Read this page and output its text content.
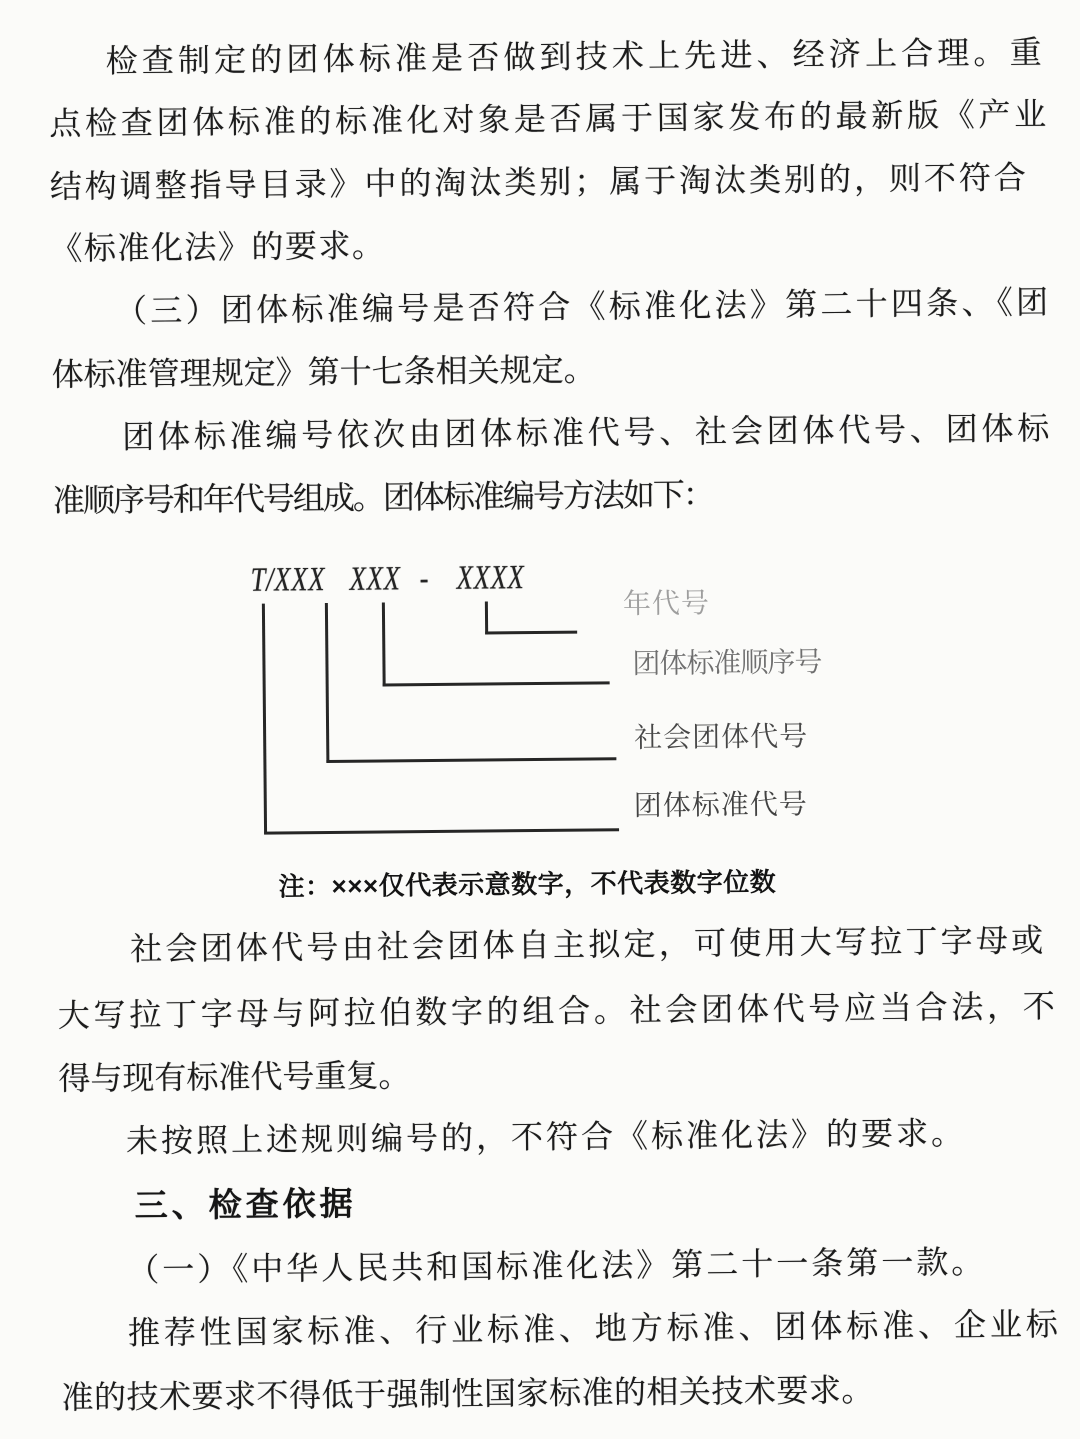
检查制定的团体标准是否做到技术上先进、经济上合理。重
点检查团体标准的标准化对象是否属于国家发布的最新版《产业
结构调整指导目录》中的淘汰类别；属于淘汰类别的，则不符合
《标准化法》的要求。
（三）团体标准编号是否符合《标准化法》第二十四条、《团
体标准管理规定》第十七条相关规定。
团体标准编号依次由团体标准代号、社会团体代号、团体标
准顺序号和年代号组成。团体标准编号方法如下：
T/XXX XXX - XXXX
年代号
团体标准顺序号
社会团体代号
团体标准代号
注：×××仅代表示意数字，不代表数字位数
社会团体代号由社会团体自主拟定，可使用大写拉丁字母或
大写拉丁字母与阿拉伯数字的组合。社会团体代号应当合法，不
得与现有标准代号重复。
未按照上述规则编号的，不符合《标准化法》的要求。
三、检查依据
（一）《中华人民共和国标准化法》第二十一条第一款。
推荐性国家标准、行业标准、地方标准、团体标准、企业标
准的技术要求不得低于强制性国家标准的相关技术要求。
